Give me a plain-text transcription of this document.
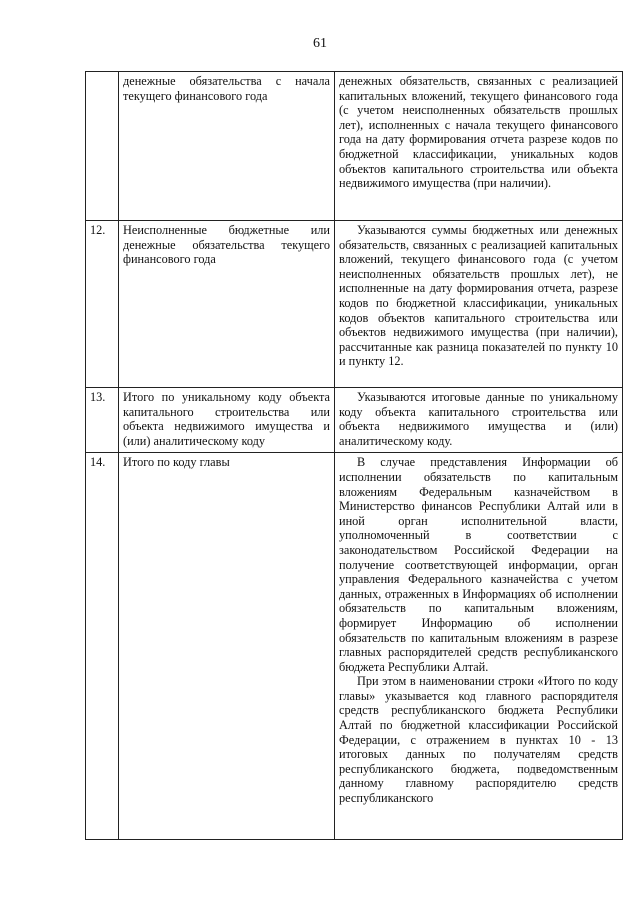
61
	денежные обязательства с начала текущего финансового года	денежных обязательств, связанных с реализацией капитальных вложений, текущего финансового года (с учетом неисполненных обязательств прошлых лет), исполненных с начала текущего финансового года на дату формирования отчета разрезе кодов по бюджетной классификации, уникальных кодов объектов капитального строительства или объекта недвижимого имущества (при наличии).

12.	Неисполненные бюджетные или денежные обязательства текущего финансового года	Указываются суммы бюджетных или денежных обязательств, связанных с реализацией капитальных вложений, текущего финансового года (с учетом неисполненных обязательств прошлых лет), не исполненные на дату формирования отчета, разрезе кодов по бюджетной классификации, уникальных кодов объектов капитального строительства или объектов недвижимого имущества (при наличии), рассчитанные как разница показателей по пункту 10 и пункту 12.

13.	Итого по уникальному коду объекта капитального строительства или объекта недвижимого имущества и (или) аналитическому коду	Указываются итоговые данные по уникальному коду объекта капитального строительства или объекта недвижимого имущества и (или) аналитическому коду.

14.	Итого по коду главы	В случае представления Информации об исполнении обязательств по капитальным вложениям Федеральным казначейством в Министерство финансов Республики Алтай или в иной орган исполнительной власти, уполномоченный в соответствии с законодательством Российской Федерации на получение соответствующей информации, орган управления Федерального казначейства с учетом данных, отраженных в Информациях об исполнении обязательств по капитальным вложениям, формирует Информацию об исполнении обязательств по капитальным вложениям в разрезе главных распорядителей средств республиканского бюджета Республики Алтай.

При этом в наименовании строки «Итого по коду главы» указывается код главного распорядителя средств республиканского бюджета Республики Алтай по бюджетной классификации Российской Федерации, с отражением в пунктах 10 - 13 итоговых данных по получателям средств республиканского бюджета, подведомственным данному главному распорядителю средств республиканского
